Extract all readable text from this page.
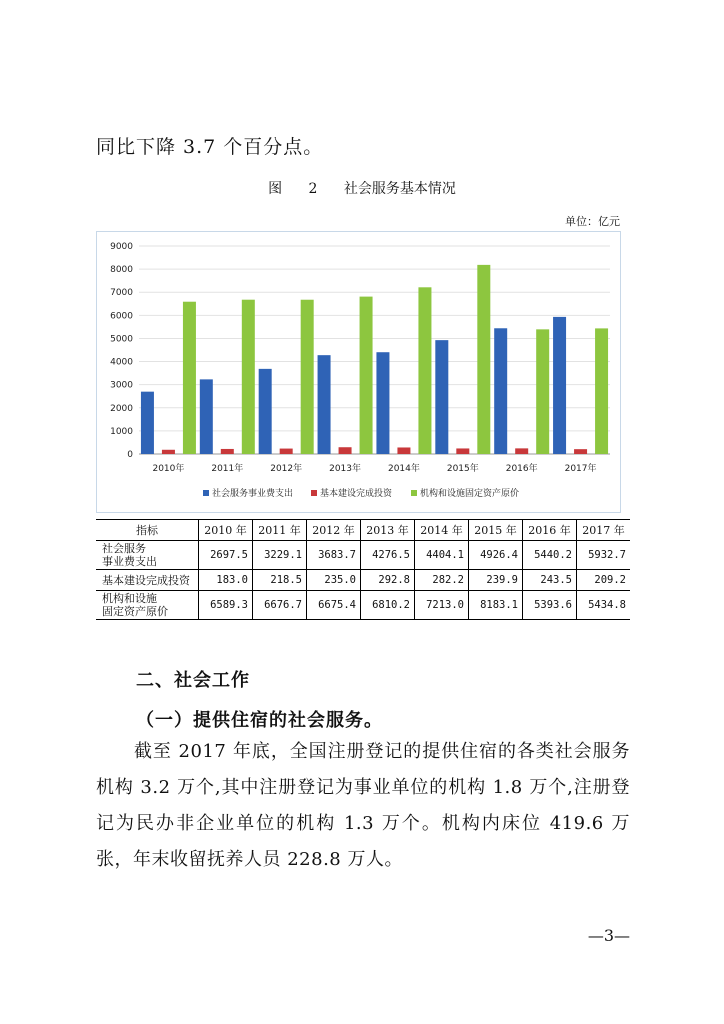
同比下降 3.7 个百分点。
图 2 社会服务基本情况
单位：亿元
0
1000
2000
3000
4000
5000
6000
7000
8000
9000
2010年	2011年	2012年	2013年	2014年	2015年	2016年	2017年
社会服务事业费支出	基本建设完成投资	机构和设施固定资产原价
指标	2010 年	2011 年	2012 年	2013 年	2014 年	2015 年	2016 年	2017 年

社会服务
事业费支出	2697.5	3229.1	3683.7	4276.5	4404.1	4926.4	5440.2	5932.7

基本建设完成投资	183.0	218.5	235.0	292.8	282.2	239.9	243.5	209.2

机构和设施
固定资产原价	6589.3	6676.7	6675.4	6810.2	7213.0	8183.1	5393.6	5434.8
二、社会工作
（一）提供住宿的社会服务。
截至 2017 年底，全国注册登记的提供住宿的各类社会服务机构 3.2 万个,其中注册登记为事业单位的机构 1.8 万个,注册登记为民办非企业单位的机构 1.3 万个。机构内床位 419.6 万张，年末收留抚养人员 228.8 万人。
—3—
